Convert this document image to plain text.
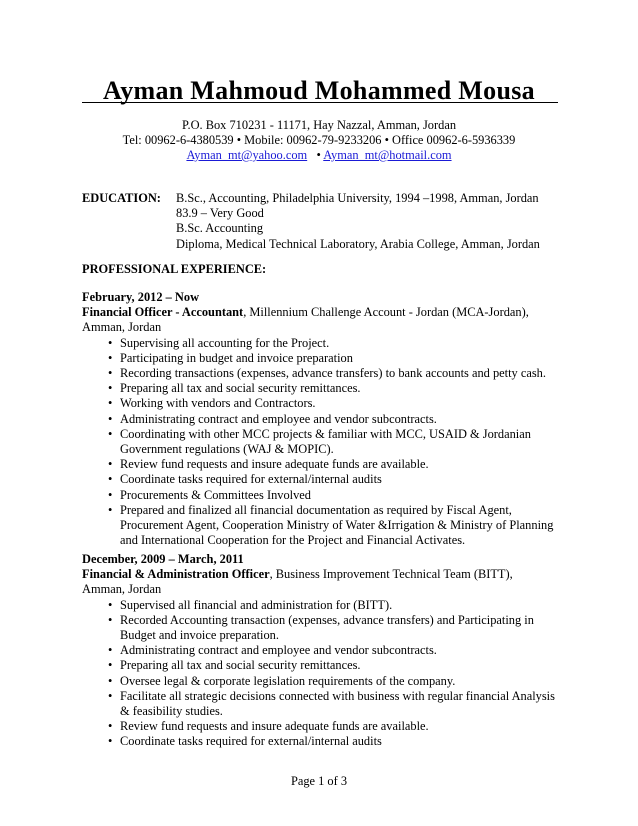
Ayman Mahmoud Mohammed Mousa
P.O. Box 710231 - 11171, Hay Nazzal, Amman, Jordan
Tel: 00962-6-4380539 • Mobile: 00962-79-9233206 • Office 00962-6-5936339
Ayman_mt@yahoo.com • Ayman_mt@hotmail.com
EDUCATION: B.Sc., Accounting, Philadelphia University, 1994 –1998, Amman, Jordan
83.9 – Very Good
B.Sc. Accounting
Diploma, Medical Technical Laboratory, Arabia College, Amman, Jordan
PROFESSIONAL EXPERIENCE:
February, 2012 – Now
Financial Officer - Accountant, Millennium Challenge Account - Jordan (MCA-Jordan), Amman, Jordan
• Supervising all accounting for the Project.
• Participating in budget and invoice preparation
• Recording transactions (expenses, advance transfers) to bank accounts and petty cash.
• Preparing all tax and social security remittances.
• Working with vendors and Contractors.
• Administrating contract and employee and vendor subcontracts.
• Coordinating with other MCC projects & familiar with MCC, USAID & Jordanian Government regulations (WAJ & MOPIC).
• Review fund requests and insure adequate funds are available.
• Coordinate tasks required for external/internal audits
• Procurements & Committees Involved
• Prepared and finalized all financial documentation as required by Fiscal Agent, Procurement Agent, Cooperation Ministry of Water &Irrigation & Ministry of Planning and International Cooperation for the Project and Financial Activates.
December, 2009 – March, 2011
Financial & Administration Officer, Business Improvement Technical Team (BITT), Amman, Jordan
• Supervised all financial and administration for (BITT).
• Recorded Accounting transaction (expenses, advance transfers) and Participating in Budget and invoice preparation.
• Administrating contract and employee and vendor subcontracts.
• Preparing all tax and social security remittances.
• Oversee legal & corporate legislation requirements of the company.
• Facilitate all strategic decisions connected with business with regular financial Analysis & feasibility studies.
• Review fund requests and insure adequate funds are available.
• Coordinate tasks required for external/internal audits
Page 1 of 3
